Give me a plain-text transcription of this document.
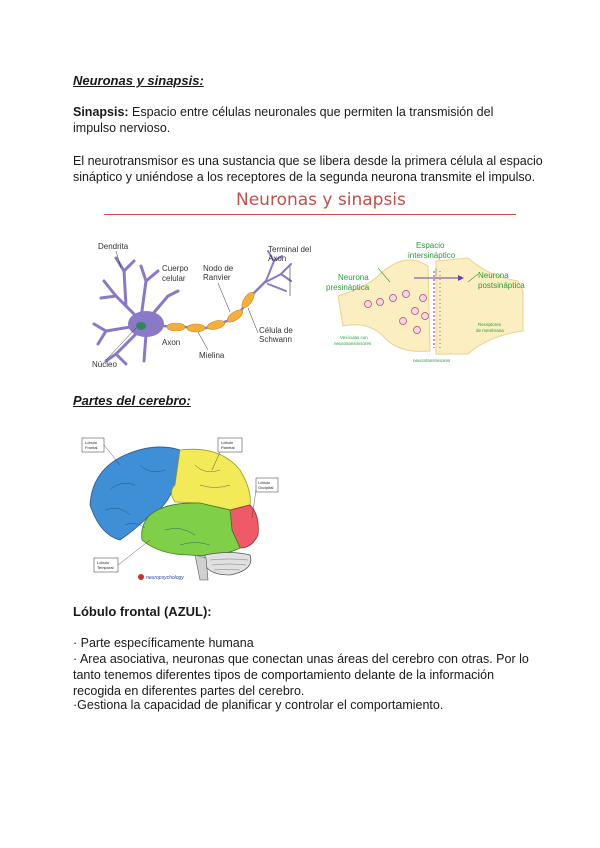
Neuronas y sinapsis:
Sinapsis: Espacio entre células neuronales que permiten la transmisión del impulso nervioso.
El neurotransmisor es una sustancia que se libera desde la primera célula al espacio sináptico y uniéndose a los receptores de la segunda neurona transmite el impulso.
Neuronas y sinapsis
Dendrita
Cuerpo
celular
Nodo de
Ranvier
Terminal del
Axon
Axon
Célula de
Schwann
Mielina
Núcleo
Espacio
intersináptico
Neurona
presináptica
Neurona
postsináptica
Vesículas con
neurotransmisores
Receptores
de membrana
neurotransmisores
Partes del cerebro:
Lóbulo
Frontal
Lóbulo
Parietal
Lóbulo
Occipital
Lóbulo
Temporal
neuropsychology
Lóbulo frontal (AZUL):
· Parte específicamente humana
· Area asociativa, neuronas que conectan unas áreas del cerebro con otras. Por lo tanto tenemos diferentes tipos de comportamiento delante de la información recogida en diferentes partes del cerebro.
·Gestiona la capacidad de planificar y controlar el comportamiento.
